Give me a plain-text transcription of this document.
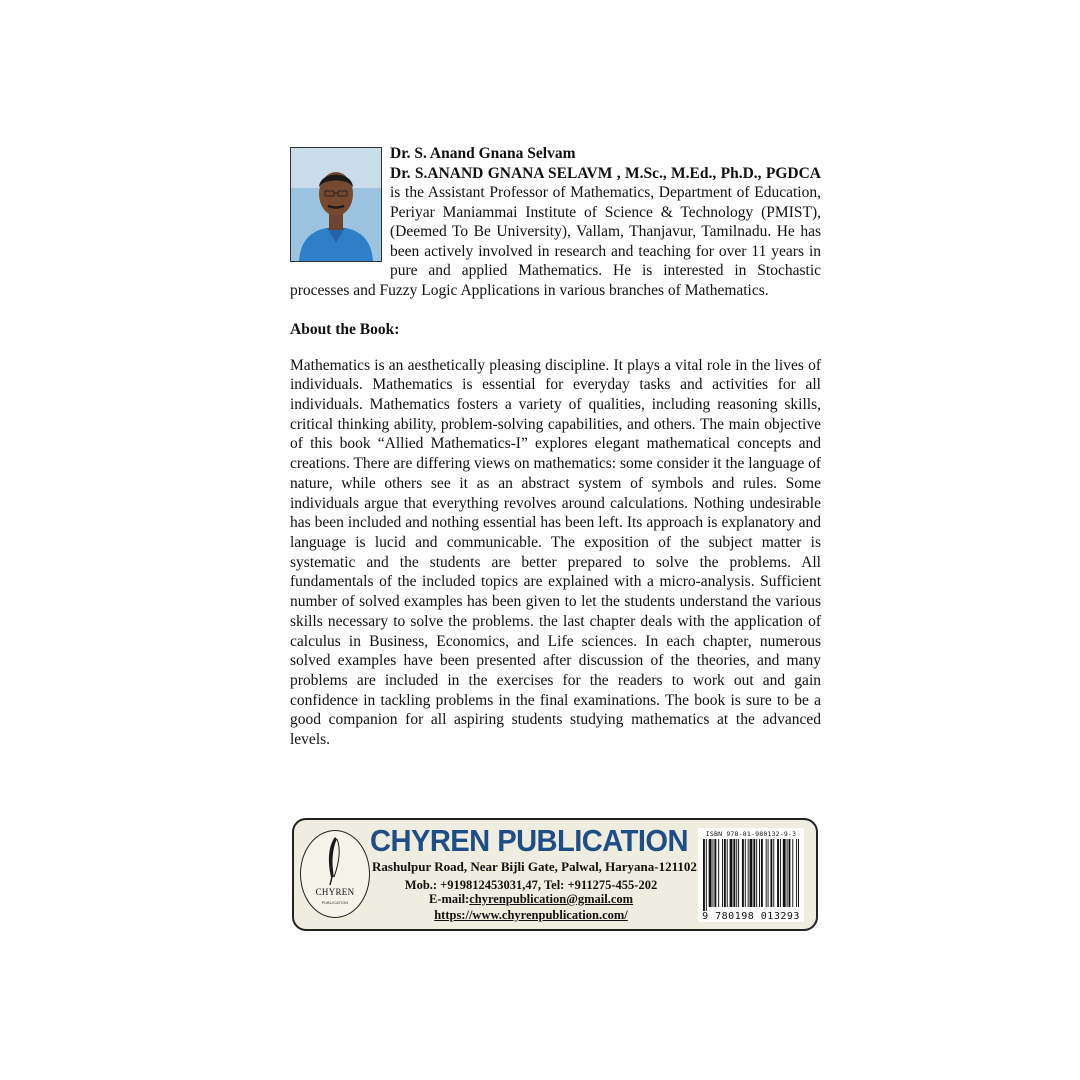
Dr. S. Anand Gnana Selvam

Dr. S.ANAND GNANA SELAVM , M.Sc., M.Ed., Ph.D., PGDCA is the Assistant Professor of Mathematics, Department of Education, Periyar Maniammai Institute of Science & Technology (PMIST), (Deemed To Be University), Vallam, Thanjavur, Tamilnadu. He has been actively involved in research and teaching for over 11 years in pure and applied Mathematics. He is interested in Stochastic processes and Fuzzy Logic Applications in various branches of Mathematics.

About the Book:

Mathematics is an aesthetically pleasing discipline. It plays a vital role in the lives of individuals. Mathematics is essential for everyday tasks and activities for all individuals. Mathematics fosters a variety of qualities, including reasoning skills, critical thinking ability, problem-solving capabilities, and others. The main objective of this book “Allied Mathematics-I” explores elegant mathematical concepts and creations. There are differing views on mathematics: some consider it the language of nature, while others see it as an abstract system of symbols and rules. Some individuals argue that everything revolves around calculations. Nothing undesirable has been included and nothing essential has been left. Its approach is explanatory and language is lucid and communicable. The exposition of the subject matter is systematic and the students are better prepared to solve the problems. All fundamentals of the included topics are explained with a micro-analysis. Sufficient number of solved examples has been given to let the students understand the various skills necessary to solve the problems. the last chapter deals with the application of calculus in Business, Economics, and Life sciences. In each chapter, numerous solved examples have been presented after discussion of the theories, and many problems are included in the exercises for the readers to work out and gain confidence in tackling problems in the final examinations. The book is sure to be a good companion for all aspiring students studying mathematics at the advanced levels.

CHYREN
PUBLICATION
CHYREN PUBLICATION
Rashulpur Road, Near Bijli Gate, Palwal, Haryana-121102
Mob.: +919812453031,47, Tel: +911275-455-202
E-mail:chyrenpublication@gmail.com
https://www.chyrenpublication.com/
ISBN 978-81-980132-9-3
9 780198 013293
